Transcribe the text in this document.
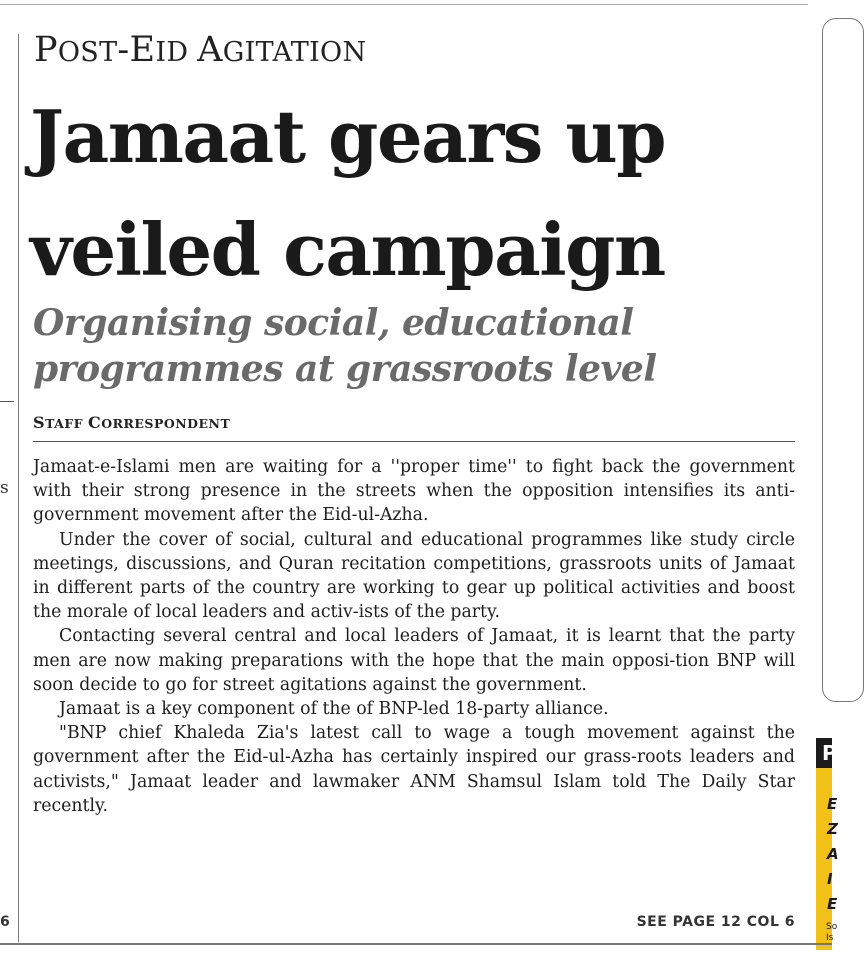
s
6
POST-EID AGITATION
Jamaat gears up
veiled campaign
Organising social, educational
programmes at grassroots level
STAFF CORRESPONDENT

Jamaat-e-Islami men are waiting for a ''proper time'' to fight back the government with their strong presence in the streets when the opposition intensifies its anti-government movement after the Eid-ul-Azha.

Under the cover of social, cultural and educational programmes like study circle meetings, discussions, and Quran recitation competitions, grassroots units of Jamaat in different parts of the country are working to gear up political activities and boost the morale of local leaders and activ-ists of the party.

Contacting several central and local leaders of Jamaat, it is learnt that the party men are now making preparations with the hope that the main opposi-tion BNP will soon decide to go for street agitations against the government.

Jamaat is a key component of the of BNP-led 18-party alliance.

"BNP chief Khaleda Zia's latest call to wage a tough movement against the government after the Eid-ul-Azha has certainly inspired our grass-roots leaders and activists," Jamaat leader and lawmaker ANM Shamsul Islam told The Daily Star recently.

SEE PAGE 12 COL 6
P
E
Z
A
I
E
So
Is
